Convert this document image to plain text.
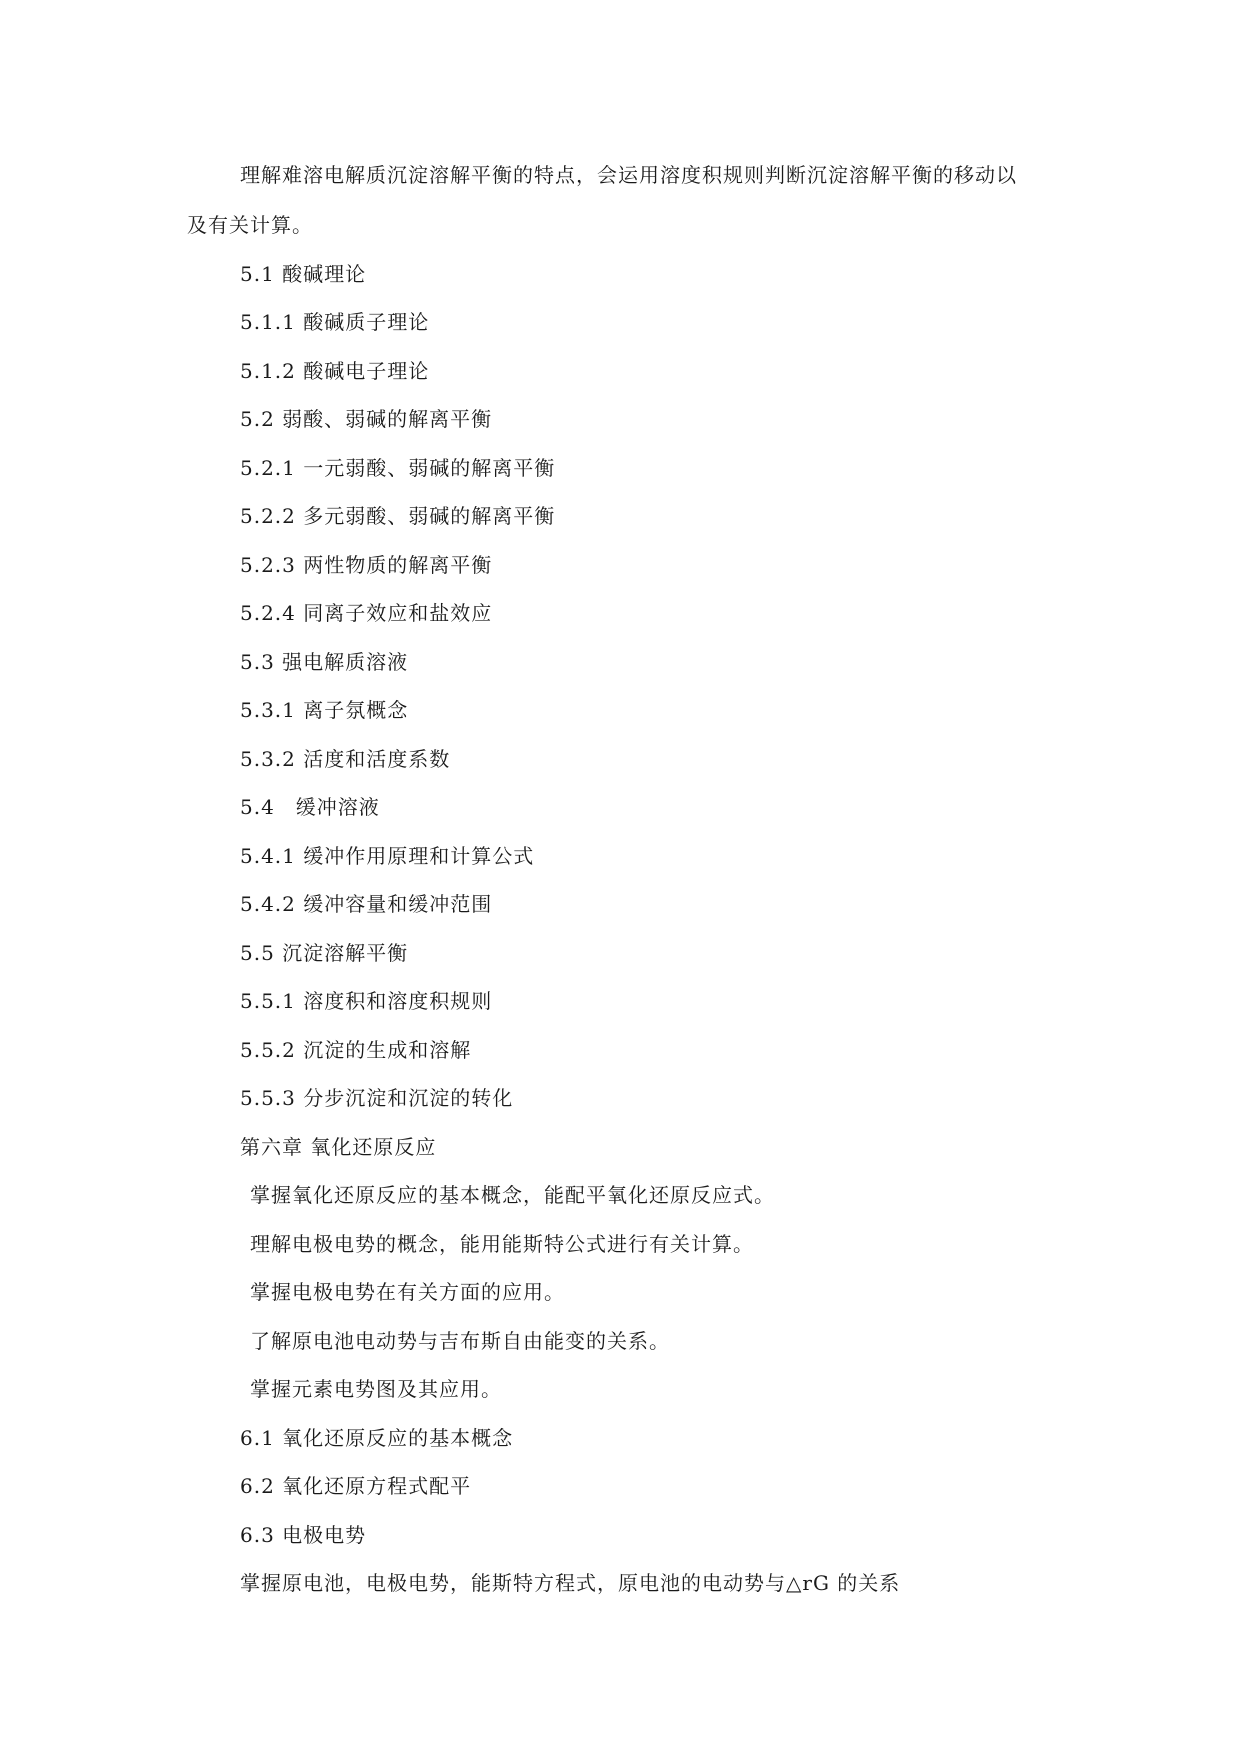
理解难溶电解质沉淀溶解平衡的特点，会运用溶度积规则判断沉淀溶解平衡的移动以
及有关计算。
5.1 酸碱理论
5.1.1 酸碱质子理论
5.1.2 酸碱电子理论
5.2 弱酸、弱碱的解离平衡
5.2.1 一元弱酸、弱碱的解离平衡
5.2.2 多元弱酸、弱碱的解离平衡
5.2.3 两性物质的解离平衡
5.2.4 同离子效应和盐效应
5.3 强电解质溶液
5.3.1 离子氛概念
5.3.2 活度和活度系数
5.4　缓冲溶液
5.4.1 缓冲作用原理和计算公式
5.4.2 缓冲容量和缓冲范围
5.5 沉淀溶解平衡
5.5.1 溶度积和溶度积规则
5.5.2 沉淀的生成和溶解
5.5.3 分步沉淀和沉淀的转化
第六章 氧化还原反应
掌握氧化还原反应的基本概念，能配平氧化还原反应式。
理解电极电势的概念，能用能斯特公式进行有关计算。
掌握电极电势在有关方面的应用。
了解原电池电动势与吉布斯自由能变的关系。
掌握元素电势图及其应用。
6.1 氧化还原反应的基本概念
6.2 氧化还原方程式配平
6.3 电极电势
掌握原电池，电极电势，能斯特方程式，原电池的电动势与△rG 的关系
